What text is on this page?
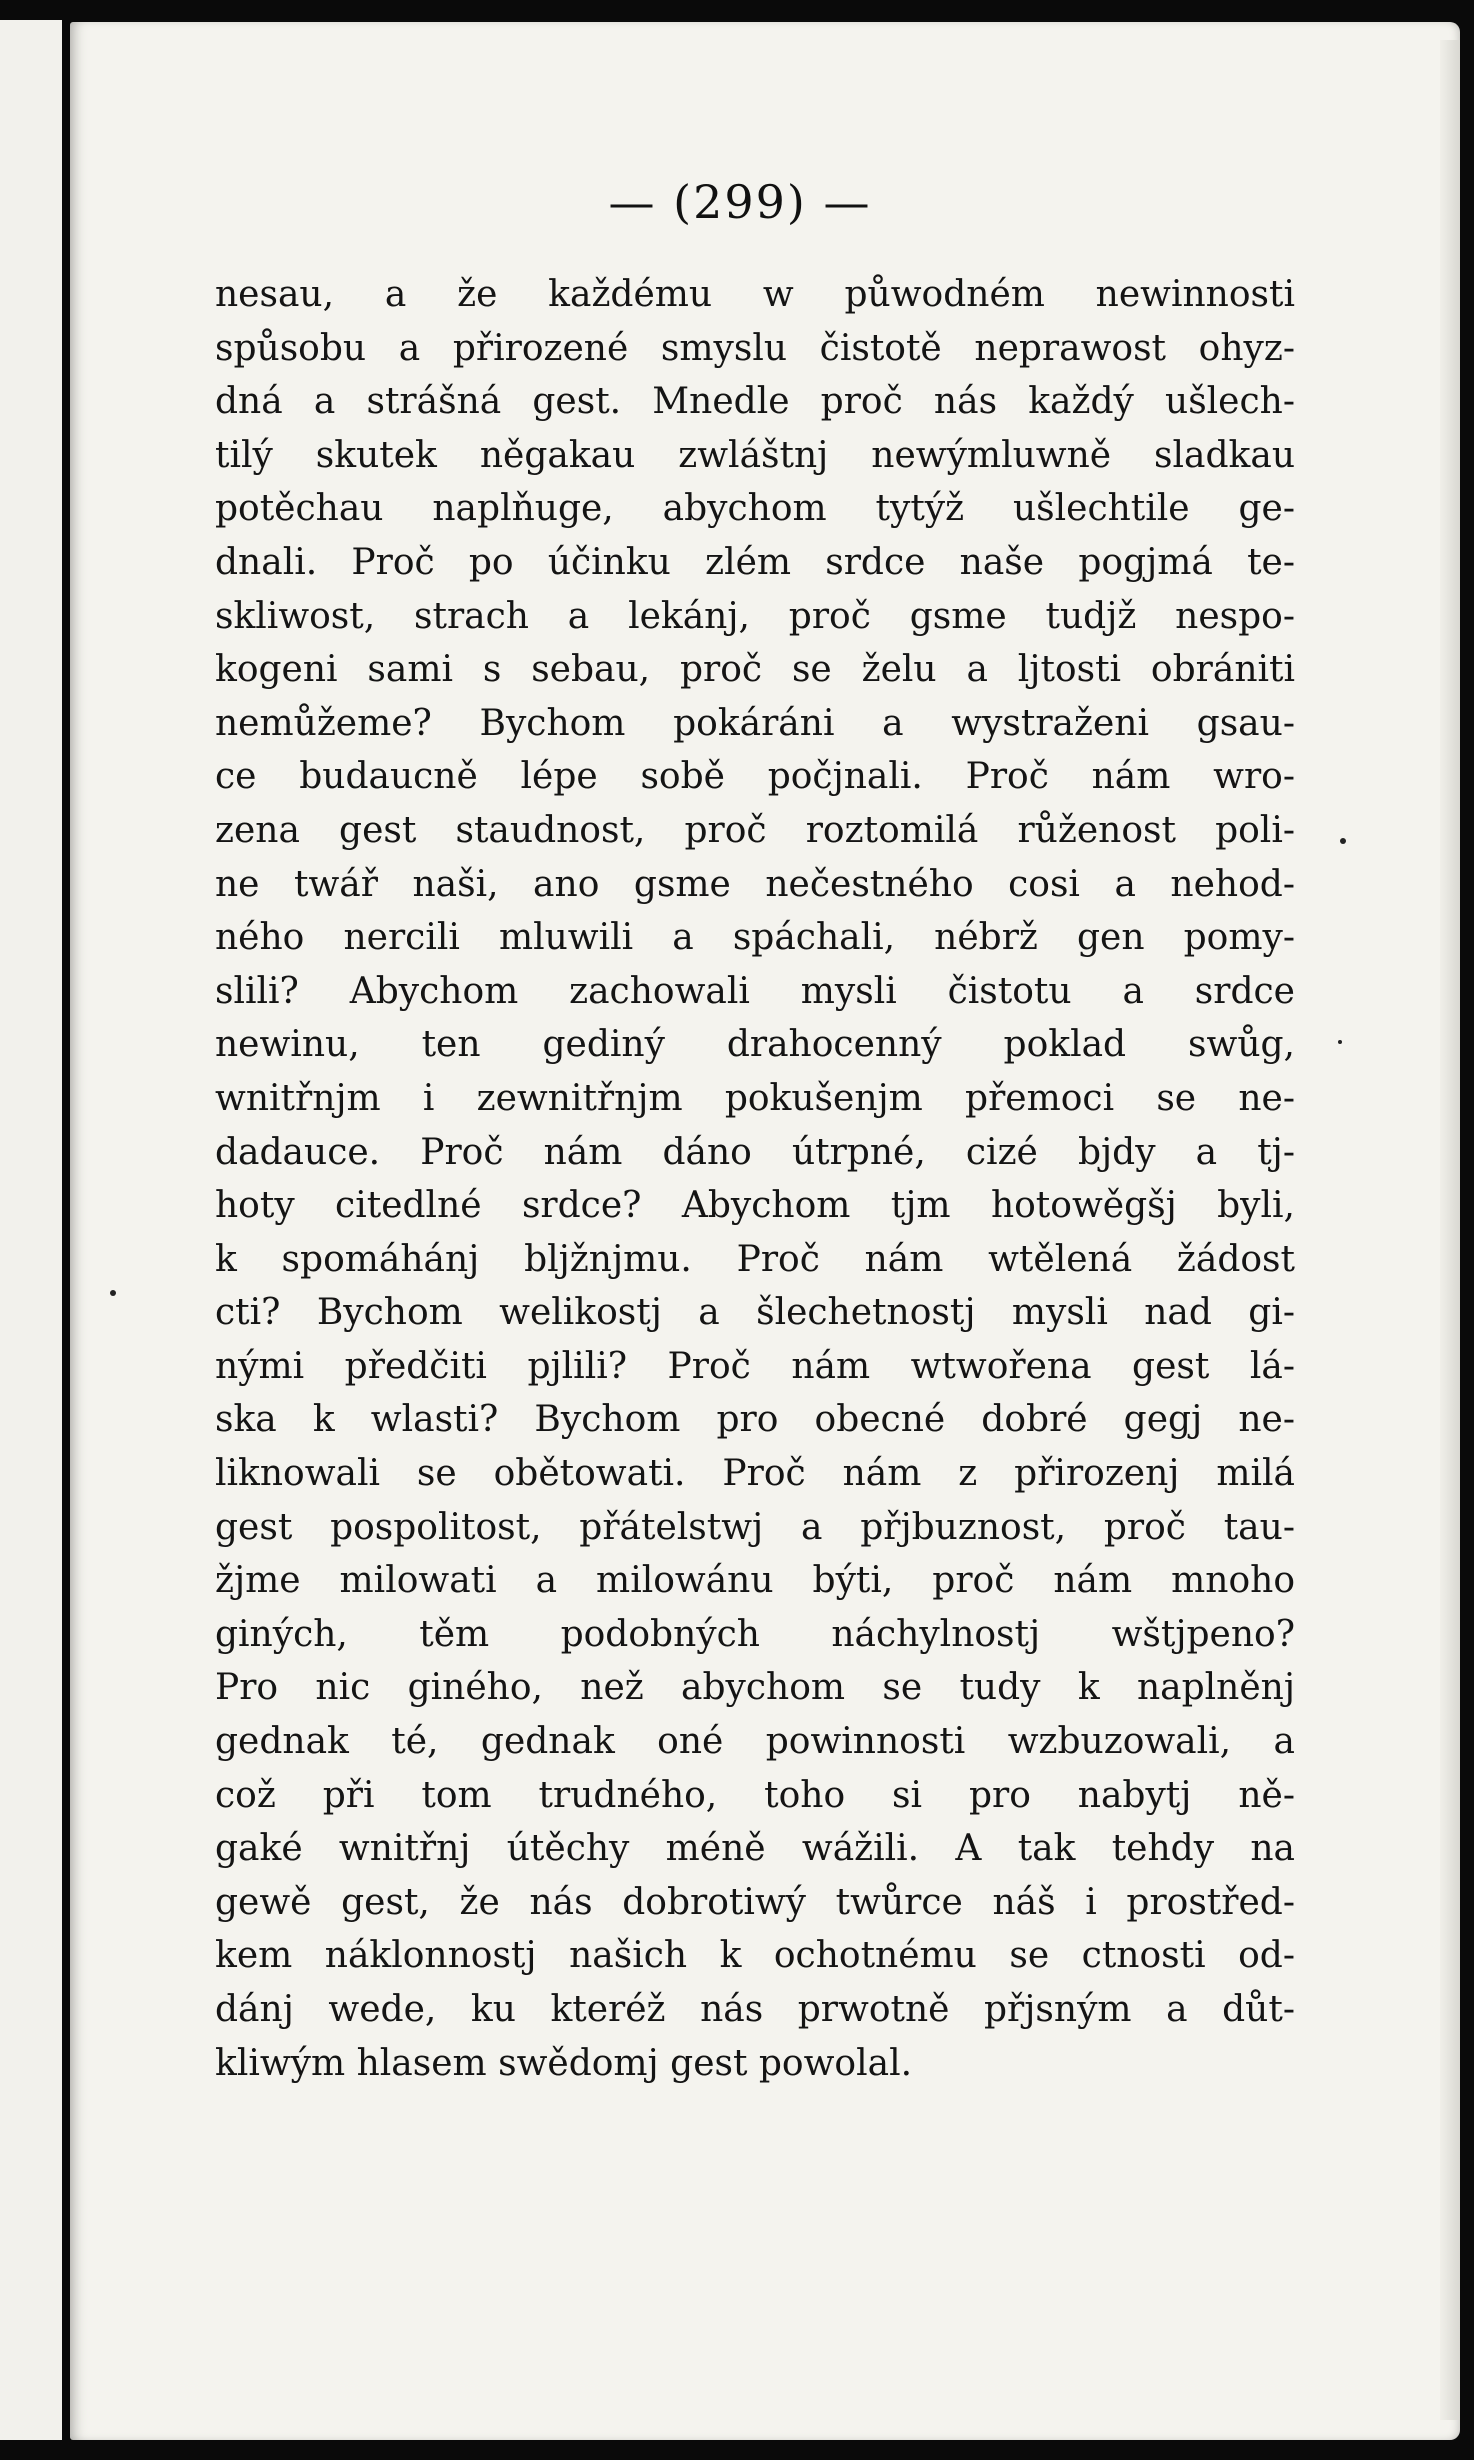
— (299) —
nesau, a že každému w půwodném newinnosti
spůsobu a přirozené smyslu čistotě neprawost ohyz-
dná a strášná gest. Mnedle proč nás každý ušlech-
tilý skutek něgakau zwláštnj newýmluwně sladkau
potěchau naplňuge, abychom tytýž ušlechtile ge-
dnali. Proč po účinku zlém srdce naše pogjmá te-
skliwost, strach a lekánj, proč gsme tudjž nespo-
kogeni sami s sebau, proč se želu a ljtosti obrániti
nemůžeme? Bychom pokáráni a wystraženi gsau-
ce budaucně lépe sobě počjnali. Proč nám wro-
zena gest staudnost, proč roztomilá růženost poli-
ne twář naši, ano gsme nečestného cosi a nehod-
ného nercili mluwili a spáchali, nébrž gen pomy-
slili? Abychom zachowali mysli čistotu a srdce
newinu, ten gediný drahocenný poklad swůg,
wnitřnjm i zewnitřnjm pokušenjm přemoci se ne-
dadauce. Proč nám dáno útrpné, cizé bjdy a tj-
hoty citedlné srdce? Abychom tjm hotowěgšj byli,
k spomáhánj bljžnjmu. Proč nám wtělená žádost
cti? Bychom welikostj a šlechetnostj mysli nad gi-
nými předčiti pjlili? Proč nám wtwořena gest lá-
ska k wlasti? Bychom pro obecné dobré gegj ne-
liknowali se obětowati. Proč nám z přirozenj milá
gest pospolitost, přátelstwj a přjbuznost, proč tau-
žjme milowati a milowánu býti, proč nám mnoho
giných, těm podobných náchylnostj wštjpeno?
Pro nic giného, než abychom se tudy k naplněnj
gednak té, gednak oné powinnosti wzbuzowali, a
což při tom trudného, toho si pro nabytj ně-
gaké wnitřnj útěchy méně wážili. A tak tehdy na
gewě gest, že nás dobrotiwý twůrce náš i prostřed-
kem náklonnostj našich k ochotnému se ctnosti od-
dánj wede, ku kteréž nás prwotně přjsným a důt-
kliwým hlasem swědomj gest powolal.
